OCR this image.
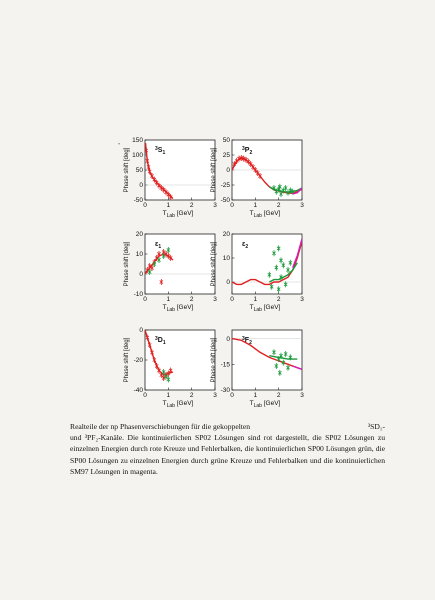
0	1	2	3
-50
0
50
100
150
Phase shift [deg]
$T_{Lab}$ [GeV]
$^3S_1$
0	1	2	3
-50
-25
0
25
50
Phase shift [deg]
$T_{Lab}$ [GeV]
$^3P_2$
0	1	2	3
-10
0
10
20
Phase shift [deg]
$T_{Lab}$ [GeV]
$\varepsilon_1$
0	1	2	3
0
10
20
Phase shift [deg]
$T_{Lab}$ [GeV]
$\varepsilon_2$
0	1	2	3
-40
-20
0
Phase shift [deg]
$T_{Lab}$ [GeV]
$^3D_1$
0	1	2	3
-30
-15
0
Phase shift [deg]
$T_{Lab}$ [GeV]
$^3F_2$
•
³SD₁-
Realteile der np Phasenverschiebungen für die gekoppelten
und ³PF₂-Kanäle. Die kontinuierlichen SP02 Lösungen sind rot dargestellt, die SP02 Lösungen zu einzelnen Energien durch rote Kreuze und Fehlerbalken, die kontinuierlichen SP00 Lösungen grün, die SP00 Lösungen zu einzelnen Energien durch grüne Kreuze und Fehlerbalken und die kontinuierlichen SM97 Lösungen in magenta.
